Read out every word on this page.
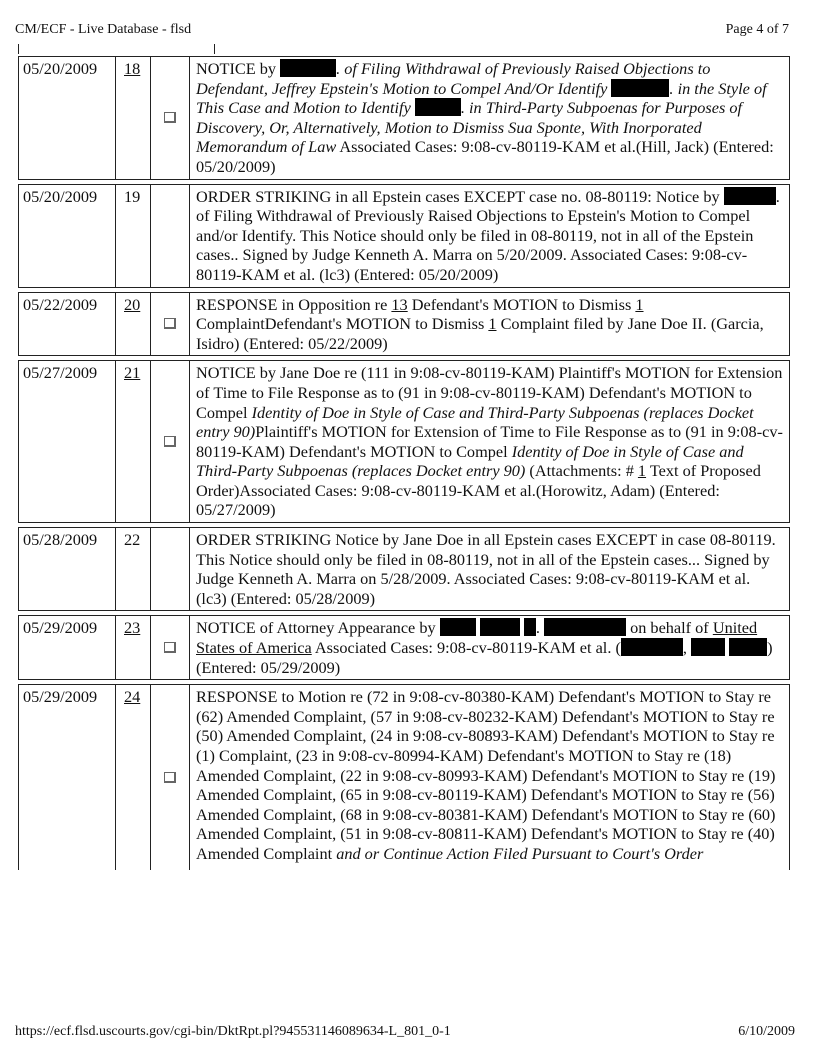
CM/ECF - Live Database - flsd	Page 4 of 7
05/20/2009	18		NOTICE by . of Filing Withdrawal of Previously Raised Objections to Defendant, Jeffrey Epstein's Motion to Compel And/Or Identify . in the Style of This Case and Motion to Identify . in Third-Party Subpoenas for Purposes of Discovery, Or, Alternatively, Motion to Dismiss Sua Sponte, With Inorporated Memorandum of Law Associated Cases: 9:08-cv-80119-KAM et al.(Hill, Jack) (Entered: 05/20/2009)
05/20/2009	19		ORDER STRIKING in all Epstein cases EXCEPT case no. 08-80119: Notice by . of Filing Withdrawal of Previously Raised Objections to Epstein's Motion to Compel and/or Identify. This Notice should only be filed in 08-80119, not in all of the Epstein cases.. Signed by Judge Kenneth A. Marra on 5/20/2009. Associated Cases: 9:08-cv-80119-KAM et al. (lc3) (Entered: 05/20/2009)
05/22/2009	20		RESPONSE in Opposition re 13 Defendant's MOTION to Dismiss 1 ComplaintDefendant's MOTION to Dismiss 1 Complaint filed by Jane Doe II. (Garcia, Isidro) (Entered: 05/22/2009)
05/27/2009	21		NOTICE by Jane Doe re (111 in 9:08-cv-80119-KAM) Plaintiff's MOTION for Extension of Time to File Response as to (91 in 9:08-cv-80119-KAM) Defendant's MOTION to Compel Identity of Doe in Style of Case and Third-Party Subpoenas (replaces Docket entry 90)Plaintiff's MOTION for Extension of Time to File Response as to (91 in 9:08-cv-80119-KAM) Defendant's MOTION to Compel Identity of Doe in Style of Case and Third-Party Subpoenas (replaces Docket entry 90) (Attachments: # 1 Text of Proposed Order)Associated Cases: 9:08-cv-80119-KAM et al.(Horowitz, Adam) (Entered: 05/27/2009)
05/28/2009	22		ORDER STRIKING Notice by Jane Doe in all Epstein cases EXCEPT in case 08-80119. This Notice should only be filed in 08-80119, not in all of the Epstein cases... Signed by Judge Kenneth A. Marra on 5/28/2009. Associated Cases: 9:08-cv-80119-KAM et al. (lc3) (Entered: 05/28/2009)
05/29/2009	23		NOTICE of Attorney Appearance by . on behalf of United States of America Associated Cases: 9:08-cv-80119-KAM et al. ( , ) (Entered: 05/29/2009)
05/29/2009	24		RESPONSE to Motion re (72 in 9:08-cv-80380-KAM) Defendant's MOTION to Stay re (62) Amended Complaint, (57 in 9:08-cv-80232-KAM) Defendant's MOTION to Stay re (50) Amended Complaint, (24 in 9:08-cv-80893-KAM) Defendant's MOTION to Stay re (1) Complaint, (23 in 9:08-cv-80994-KAM) Defendant's MOTION to Stay re (18) Amended Complaint, (22 in 9:08-cv-80993-KAM) Defendant's MOTION to Stay re (19) Amended Complaint, (65 in 9:08-cv-80119-KAM) Defendant's MOTION to Stay re (56) Amended Complaint, (68 in 9:08-cv-80381-KAM) Defendant's MOTION to Stay re (60) Amended Complaint, (51 in 9:08-cv-80811-KAM) Defendant's MOTION to Stay re (40) Amended Complaint and or Continue Action Filed Pursuant to Court's Order
https://ecf.flsd.uscourts.gov/cgi-bin/DktRpt.pl?945531146089634-L_801_0-1	6/10/2009
